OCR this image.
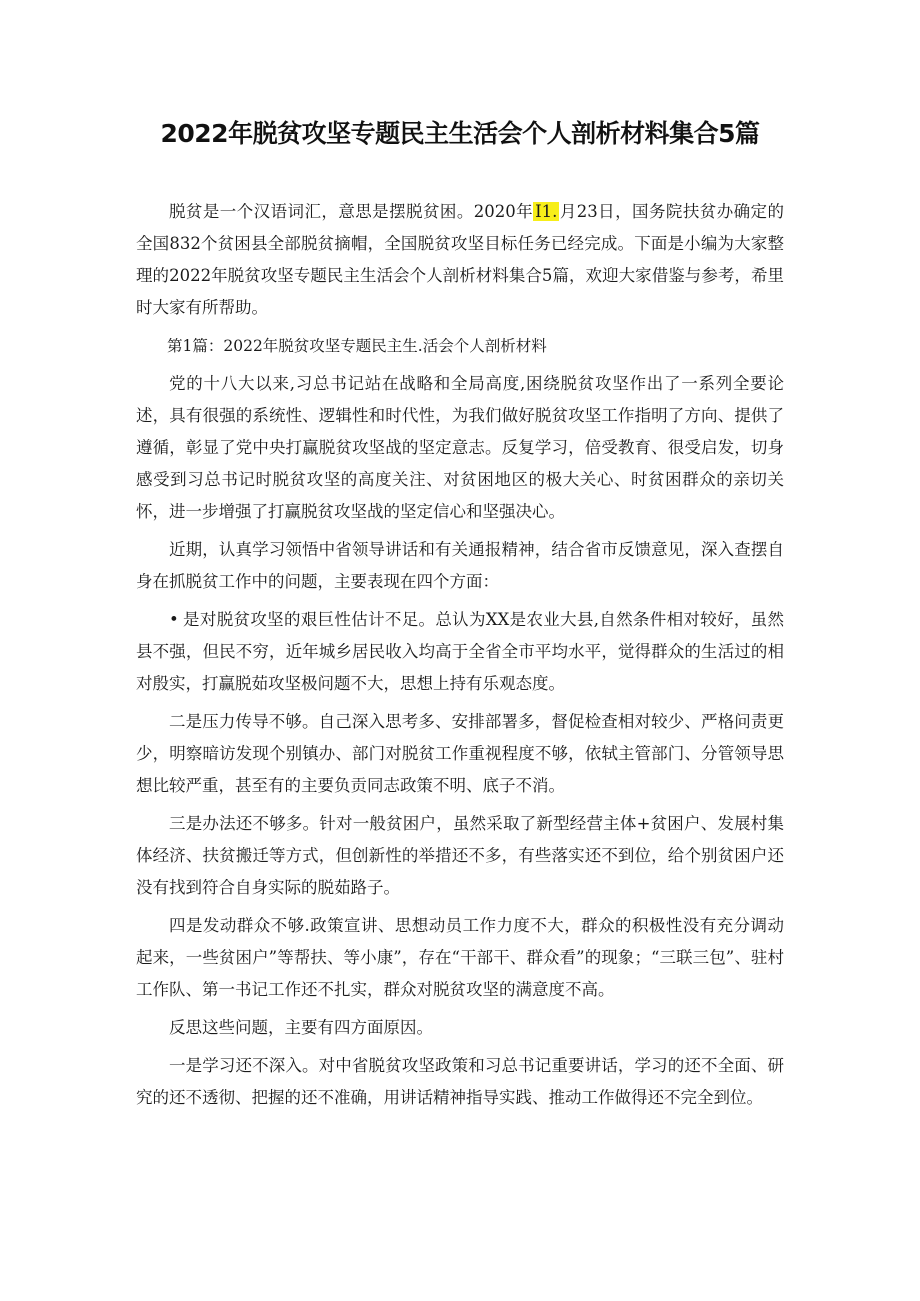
2022年脱贫攻坚专题民主生活会个人剖析材料集合5篇

脱贫是一个汉语词汇，意思是摆脱贫困。2020年 I1. 月23日，国务院扶贫办确定的全国832个贫困县全部脱贫摘帽，全国脱贫攻坚目标任务已经完成。下面是小编为大家整理的2022年脱贫攻坚专题民主生活会个人剖析材料集合5篇，欢迎大家借鉴与参考，希里时大家有所帮助。

第1篇：2022年脱贫攻坚专题民主生.活会个人剖析材料

党的十八大以来,习总书记站在战略和全局高度,困绕脱贫攻坚作出了一系列全要论述，具有很强的系统性、逻辑性和时代性，为我们做好脱贫攻坚工作指明了方向、提供了遵循，彰显了党中央打赢脱贫攻坚战的坚定意志。反复学习，倍受教育、很受启发，切身感受到习总书记时脱贫攻坚的高度关注、对贫困地区的极大关心、时贫困群众的亲切关怀，进一步增强了打赢脱贫攻坚战的坚定信心和坚强决心。

近期，认真学习领悟中省领导讲话和有关通报精神，结合省市反馈意见，深入查摆自身在抓脱贫工作中的问题，主要表现在四个方面：

• 是对脱贫攻坚的艰巨性估计不足。总认为XX是农业大县,自然条件相对较好，虽然县不强，但民不穷，近年城乡居民收入均高于全省全市平均水平，觉得群众的生活过的相对殷实，打赢脱茹攻坚极问题不大，思想上持有乐观态度。

二是压力传导不够。自己深入思考多、安排部署多，督促检查相对较少、严格问责更少，明察暗访发现个别镇办、部门对脱贫工作重视程度不够，依轼主管部门、分管领导思想比较严重，甚至有的主要负贡同志政策不明、底子不消。

三是办法还不够多。针对一般贫困户，虽然采取了新型经营主体+贫困户、发展村集体经济、扶贫搬迁等方式，但创新性的举措还不多，有些落实还不到位，给个别贫困户还没有找到符合自身实际的脱茹路子。

四是发动群众不够.政策宣讲、思想动员工作力度不大，群众的积极性没有充分调动起来，一些贫困户”等帮扶、等小康”，存在“干部干、群众看”的现象；“三联三包”、驻村工作队、第一书记工作还不扎实，群众对脱贫攻坚的满意度不高。

反思这些问题，主要有四方面原因。

一是学习还不深入。对中省脱贫攻坚政策和习总书记重要讲话，学习的还不全面、研究的还不透彻、把握的还不准确，用讲话精神指导实践、推动工作做得还不完全到位。
